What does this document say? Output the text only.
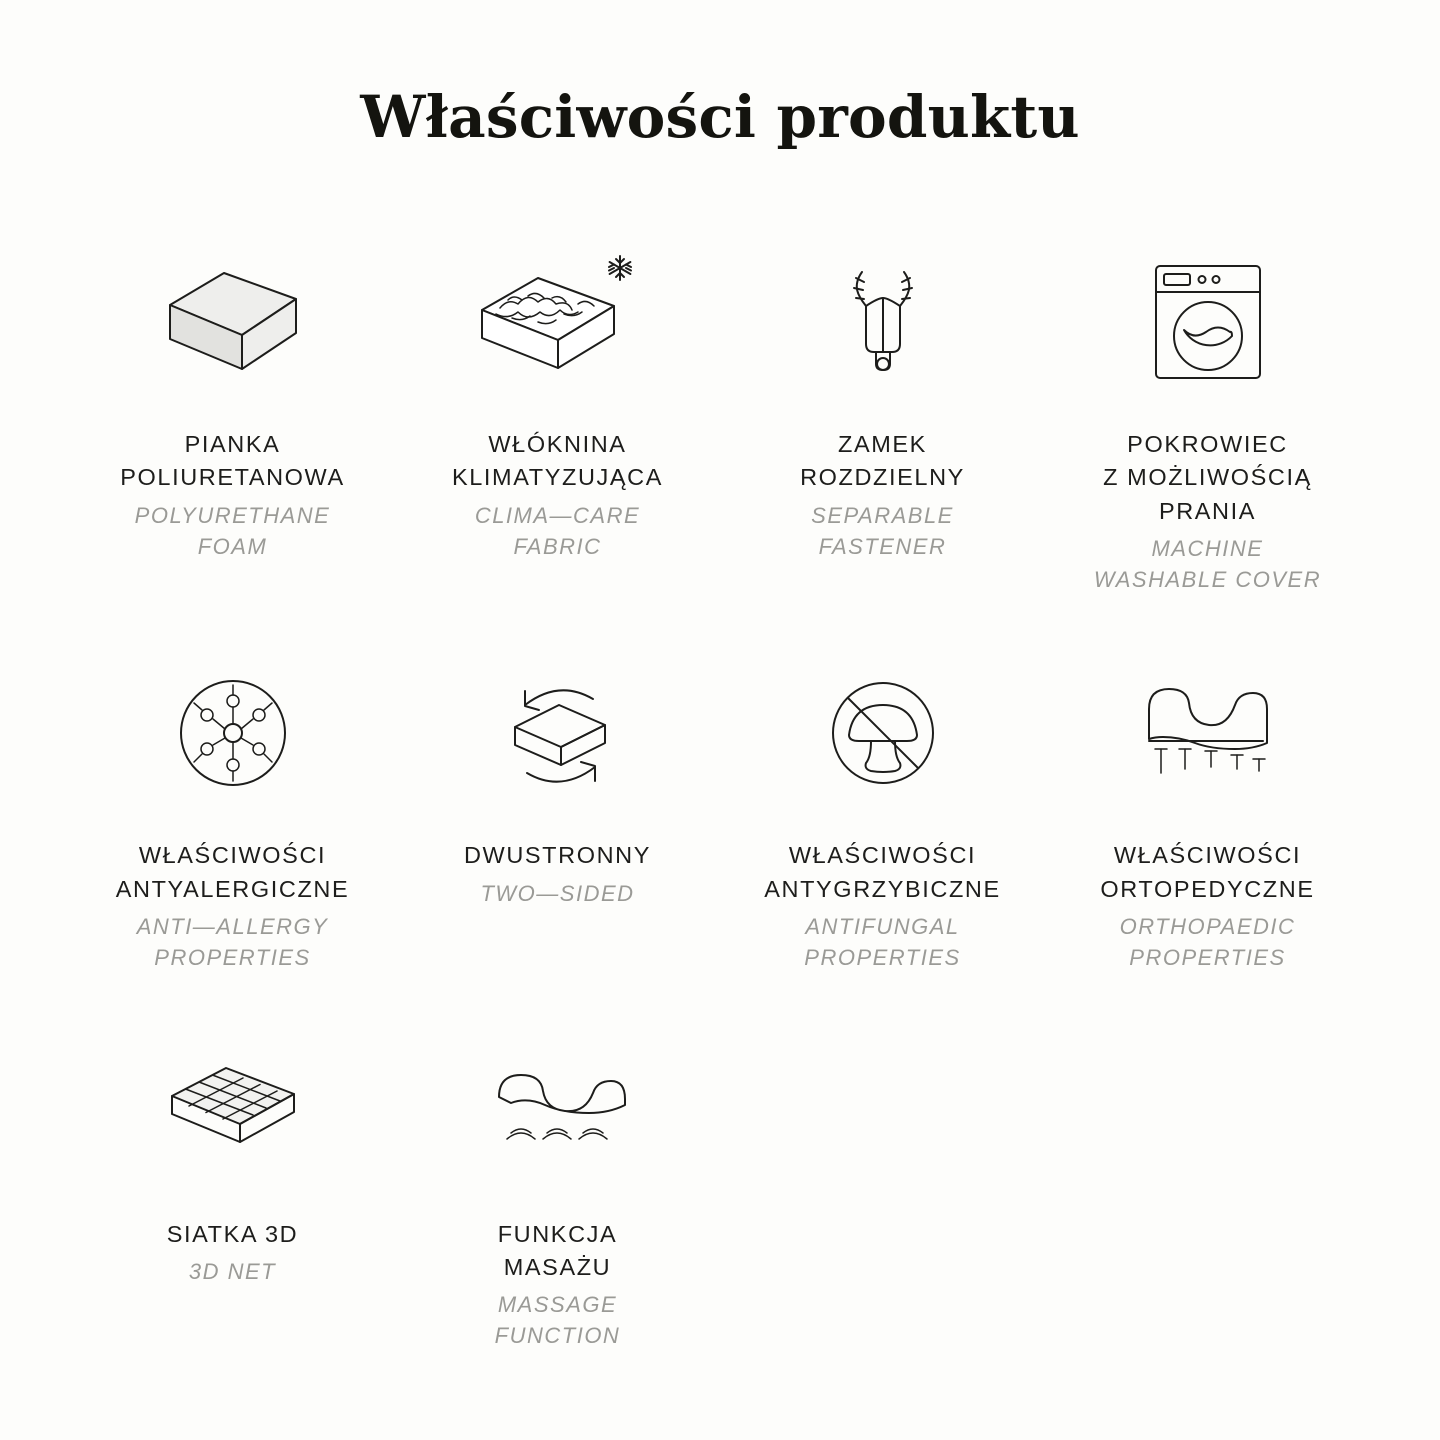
Właściwości produktu
PIANKA
POLIURETANOWA
POLYURETHANE
FOAM
WŁÓKNINA
KLIMATYZUJĄCA
CLIMA—CARE
FABRIC
ZAMEK
ROZDZIELNY
SEPARABLE
FASTENER
POKROWIEC
Z MOŻLIWOŚCIĄ
PRANIA
MACHINE
WASHABLE COVER
WŁAŚCIWOŚCI
ANTYALERGICZNE
ANTI—ALLERGY
PROPERTIES
DWUSTRONNY
TWO—SIDED
WŁAŚCIWOŚCI
ANTYGRZYBICZNE
ANTIFUNGAL
PROPERTIES
WŁAŚCIWOŚCI
ORTOPEDYCZNE
ORTHOPAEDIC
PROPERTIES
SIATKA 3D
3D NET
FUNKCJA
MASAŻU
MASSAGE
FUNCTION
